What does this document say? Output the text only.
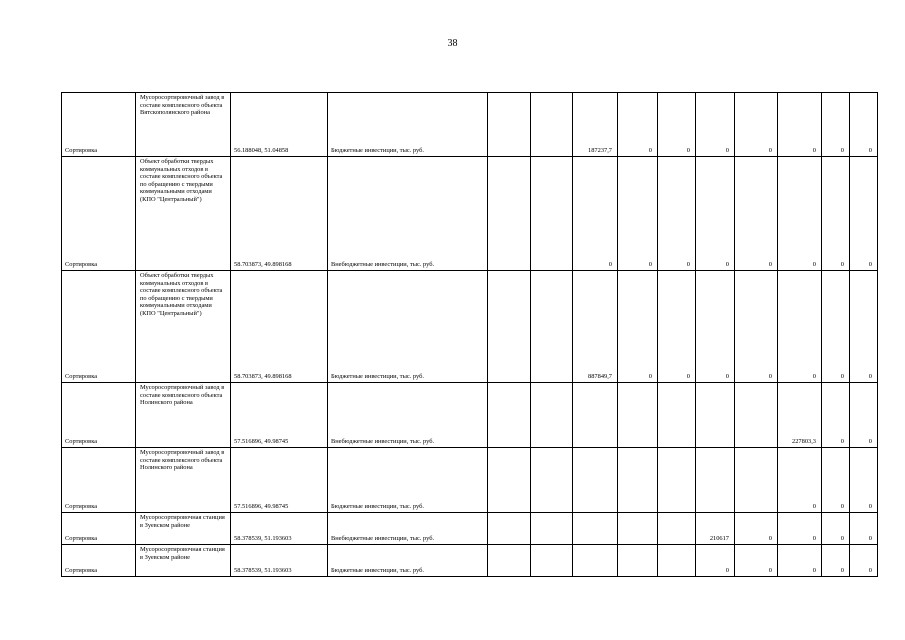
38
Сортировка	Мусоросортировочный завод в составе комплексного объекта Вятскополянского района	56.188048, 51.04858	Бюджетные инвестиции, тыс. руб.			187237,7	0	0	0	0	0	0	0
Сортировка	Объект обработки твердых коммунальных отходов в составе комплексного объекта по обращению с твердыми коммунальными отходами (КПО "Центральный")	58.703873, 49.898168	Внебюджетные инвестиции, тыс. руб.			0	0	0	0	0	0	0	0
Сортировка	Объект обработки твердых коммунальных отходов в составе комплексного объекта по обращению с твердыми коммунальными отходами (КПО "Центральный")	58.703873, 49.898168	Бюджетные инвестиции, тыс. руб.			887849,7	0	0	0	0	0	0	0
Сортировка	Мусоросортировочный завод в составе комплексного объекта Нолинского района	57.516896, 49.98745	Внебюджетные инвестиции, тыс. руб.								227803,3	0	0
Сортировка	Мусоросортировочный завод в составе комплексного объекта Нолинского района	57.516896, 49.98745	Бюджетные инвестиции, тыс. руб.								0	0	0
Сортировка	Мусоросортировочная станция в Зуевском районе	58.378539, 51.193603	Внебюджетные инвестиции, тыс. руб.						210617	0	0	0	0
Сортировка	Мусоросортировочная станция в Зуевском районе	58.378539, 51.193603	Бюджетные инвестиции, тыс. руб.						0	0	0	0	0
